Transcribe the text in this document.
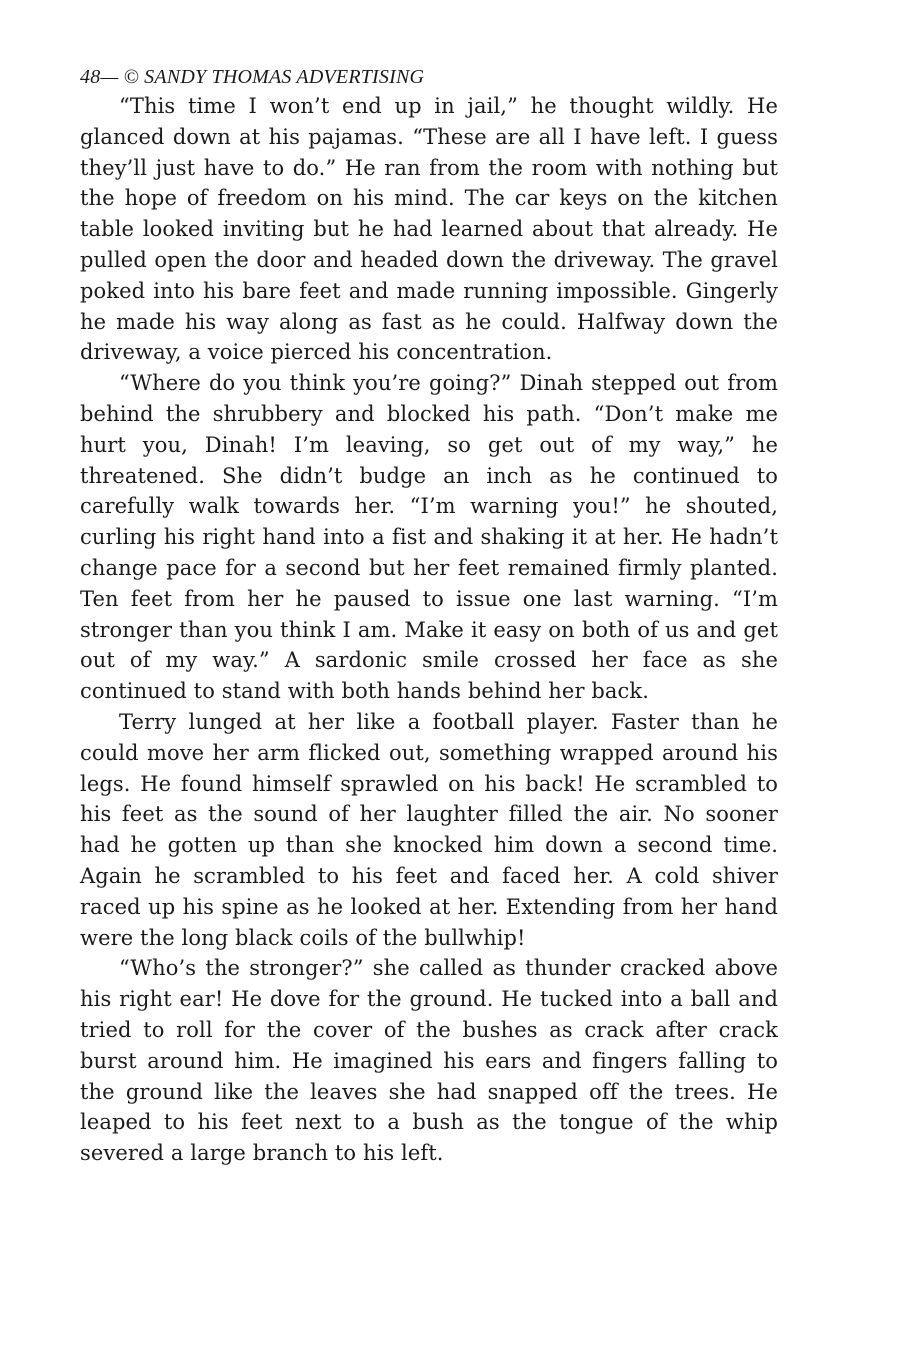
48— © SANDY THOMAS ADVERTISING

“This time I won’t end up in jail,” he thought wildly. He glanced down at his pajamas. “These are all I have left. I guess they’ll just have to do.” He ran from the room with nothing but the hope of freedom on his mind. The car keys on the kitchen table looked inviting but he had learned about that already. He pulled open the door and headed down the driveway. The gravel poked into his bare feet and made running impossible. Gingerly he made his way along as fast as he could. Halfway down the driveway, a voice pierced his concentration.

“Where do you think you’re going?” Dinah stepped out from behind the shrubbery and blocked his path. “Don’t make me hurt you, Dinah! I’m leaving, so get out of my way,” he threatened. She didn’t budge an inch as he continued to carefully walk towards her. “I’m warning you!” he shouted, curling his right hand into a fist and shaking it at her. He hadn’t change pace for a second but her feet remained firmly planted. Ten feet from her he paused to issue one last warning. “I’m stronger than you think I am. Make it easy on both of us and get out of my way.” A sardonic smile crossed her face as she continued to stand with both hands behind her back.

Terry lunged at her like a football player. Faster than he could move her arm flicked out, something wrapped around his legs. He found himself sprawled on his back! He scrambled to his feet as the sound of her laughter filled the air. No sooner had he gotten up than she knocked him down a second time. Again he scrambled to his feet and faced her. A cold shiver raced up his spine as he looked at her. Extending from her hand were the long black coils of the bullwhip!

“Who’s the stronger?” she called as thunder cracked above his right ear! He dove for the ground. He tucked into a ball and tried to roll for the cover of the bushes as crack after crack burst around him. He imagined his ears and fingers falling to the ground like the leaves she had snapped off the trees. He leaped to his feet next to a bush as the tongue of the whip severed a large branch to his left.
